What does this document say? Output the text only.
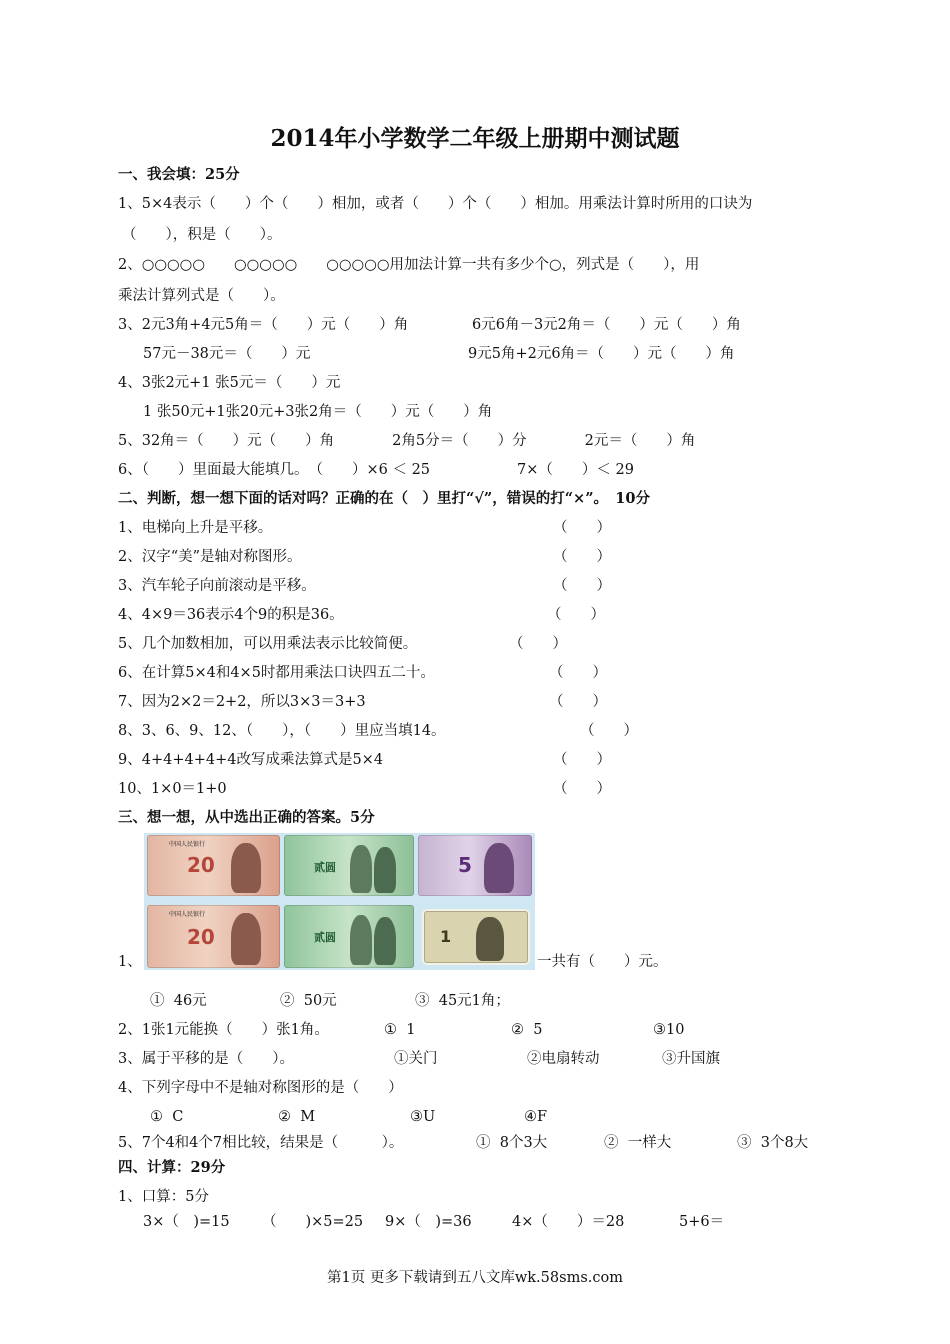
2014年小学数学二年级上册期中测试题
一、我会填：25分
1、5×4表示（　　）个（　　）相加，或者（　　）个（　　）相加。用乘法计算时所用的口诀为
（　　），积是（　　）。
2、○○○○○　　○○○○○　　○○○○○用加法计算一共有多少个○，列式是（　　），用
乘法计算列式是（　　）。
3、2元3角+4元5角＝（　　）元（　　）角	6元6角－3元2角＝（　　）元（　　）角
57元－38元＝（　　）元	9元5角+2元6角＝（　　）元（　　）角
4、3张2元+1 张5元＝（　　）元
1 张50元+1张20元+3张2角＝（　　）元（　　）角
5、32角＝（　　）元（　　）角　　　　2角5分＝（　　）分　　　　2元＝（　　）角
6、（　　）里面最大能填几。　（　　）×6 ＜ 25　　　　　　7×（　　）＜ 29
二、判断，想一想下面的话对吗？正确的在（　）里打“√”，错误的打“×”。　10分
1、电梯向上升是平移。	（　　）
2、汉字“美”是轴对称图形。	（　　）
3、汽车轮子向前滚动是平移。	（　　）
4、4×9＝36表示4个9的积是36。	（　　）
5、几个加数相加，可以用乘法表示比较简便。	（　　）
6、在计算5×4和4×5时都用乘法口诀四五二十。	（　　）
7、因为2×2＝2+2，所以3×3＝3+3	（　　）
8、3、6、9、12、（　　），（　　）里应当填14。	（　　）
9、4+4+4+4+4改写成乘法算式是5×4	（　　）
10、1×0＝1+0	（　　）
三、想一想，从中选出正确的答案。5分
中国人民银行
20	贰圆	5
中国人民银行
20	贰圆	1
1、	一共有（　　）元。
①  46元	②  50元	③  45元1角；
2、1张1元能换（　　）张1角。	①  1	②  5	③10
3、属于平移的是（　　）。	①关门	②电扇转动	③升国旗
4、下列字母中不是轴对称图形的是（　　）
①  C	②  M	③U	④F
5、7个4和4个7相比较，结果是（　　　）。	①  8个3大	②  一样大	③  3个8大
四、计算：29分
1、口算：5分
3×（　)=15 （　　)×5=25 9×（　)=36	4×（　　）＝28	5+6＝
第1页 更多下载请到五八文库wk.58sms.com
